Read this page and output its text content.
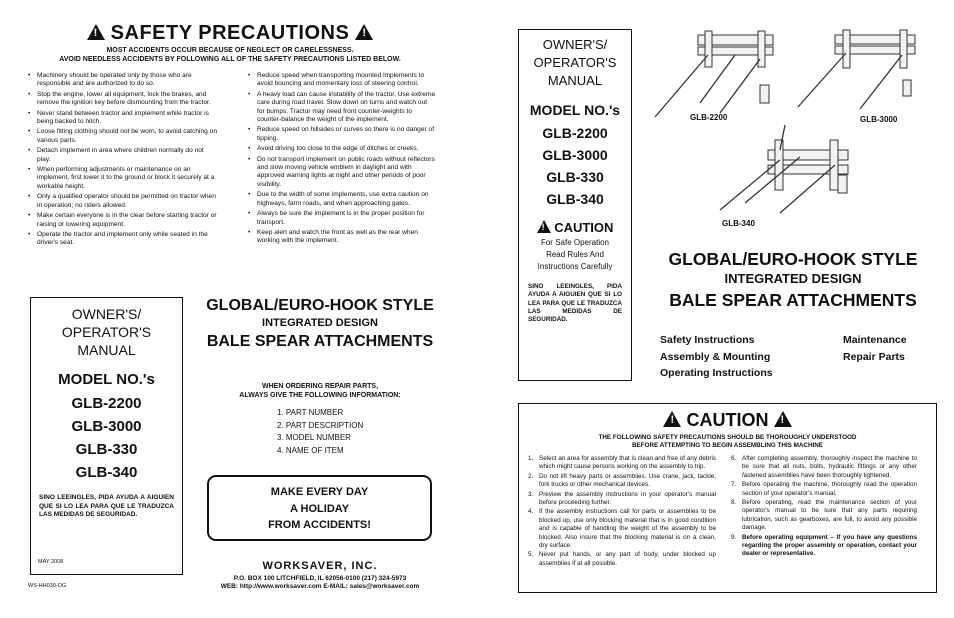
! SAFETY PRECAUTIONS !
MOST ACCIDENTS OCCUR BECAUSE OF NEGLECT OR CARELESSNESS.
AVOID NEEDLESS ACCIDENTS BY FOLLOWING ALL OF THE SAFETY PRECAUTIONS LISTED BELOW.
• Machinery should be operated only by those who are responsible and are authorized to do so.
• Stop the engine, lower all equipment, lock the brakes, and remove the ignition key before dismounting from the tractor.
• Never stand between tractor and implement while tractor is being backed to hitch.
• Loose fitting clothing should not be worn, to avoid catching on various parts.
• Detach implement in area where children normally do not play.
• When performing adjustments or maintenance on an implement, first lower it to the ground or block it securely at a workable height.
• Only a qualified operator should be permitted on tractor when in operation; no riders allowed.
• Make certain everyone is in the clear before starting tractor or raising or lowering equipment.
• Operate the tractor and implement only while seated in the driver's seat.
• Reduce speed when transporting mounted implements to avoid bouncing and momentary loss of steering control.
• A heavy load can cause instability of the tractor. Use extreme care during road travel. Slow down on turns and watch out for bumps. Tractor may need front counter-weights to counter-balance the weight of the implement.
• Reduce speed on hillsides or curves so there is no danger of tipping.
• Avoid driving too close to the edge of ditches or creeks.
• Do not transport implement on public roads without reflectors and slow moving vehicle emblem in daylight and with approved warning lights at night and other periods of poor visibility.
• Due to the width of some implements, use extra caution on highways, farm roads, and when approaching gates.
• Always be sure the implement is in the proper position for transport.
• Keep alert and watch the front as well as the rear when working with the implement.
OWNER'S/
OPERATOR'S
MANUAL
MODEL NO.'s
GLB-2200
GLB-3000
GLB-330
GLB-340
SINO LEEINGLES, PIDA AYUDA A AIGUIEN QUE SI LO LEA PARA QUE LE TRADUZCA LAS MEDIDAS DE SEGURIDAD.
MAY 2008
WS-HH030-OG
GLOBAL/EURO-HOOK STYLE
INTEGRATED DESIGN
BALE SPEAR ATTACHMENTS
WHEN ORDERING REPAIR PARTS,
ALWAYS GIVE THE FOLLOWING INFORMATION:
1. PART NUMBER
2. PART DESCRIPTION
3. MODEL NUMBER
4. NAME OF ITEM
MAKE EVERY DAY
A HOLIDAY
FROM ACCIDENTS!
WORKSAVER, INC.
P.O. BOX 100 LITCHFIELD, IL 62056-0100 (217) 324-5973
WEB: http://www.worksaver.com E-MAIL: sales@worksaver.com
OWNER'S/
OPERATOR'S
MANUAL
MODEL NO.'s
GLB-2200
GLB-3000
GLB-330
GLB-340
! CAUTION
For Safe Operation
Read Rules And
Instructions Carefully
SINO LEEINGLES, PIDA AYUDA A AIGUIEN QUE SI LO LEA PARA QUE LE TRADUZCA LAS MEDIDAS DE SEGURIDAD.
GLB-2200	GLB-3000
GLB-340
GLOBAL/EURO-HOOK STYLE
INTEGRATED DESIGN
BALE SPEAR ATTACHMENTS
Safety Instructions
Assembly & Mounting
Operating Instructions
Maintenance
Repair Parts
! CAUTION !
THE FOLLOWING SAFETY PRECAUTIONS SHOULD BE THOROUGHLY UNDERSTOOD
BEFORE ATTEMPTING TO BEGIN ASSEMBLING THIS MACHINE
1. Select an area for assembly that is clean and free of any debris which might cause persons working on the assembly to trip.
2. Do not lift heavy parts or assemblies. Use crane, jack, tackle, fork trucks or other mechanical devices.
3. Preview the assembly instructions in your operator's manual before proceeding further.
4. If the assembly instructions call for parts or assemblies to be blocked up, use only blocking material that is in good condition and is capable of handling the weight of the assembly to be blocked. Also insure that the blocking material is on a clean, dry surface.
5. Never put hands, or any part of body, under blocked up assemblies if at all possible.
6. After completing assembly, thoroughly inspect the machine to be sure that all nuts, bolts, hydraulic fittings or any other fastened assemblies have been thoroughly tightened.
7. Before operating the machine, thoroughly read the operation section of your operator's manual.
8. Before operating, read the maintenance section of your operator's manual to be sure that any parts requiring lubrication, such as gearboxes, are full, to avoid any possible damage.
9. Before operating equipment – If you have any questions regarding the proper assembly or operation, contact your dealer or representative.
